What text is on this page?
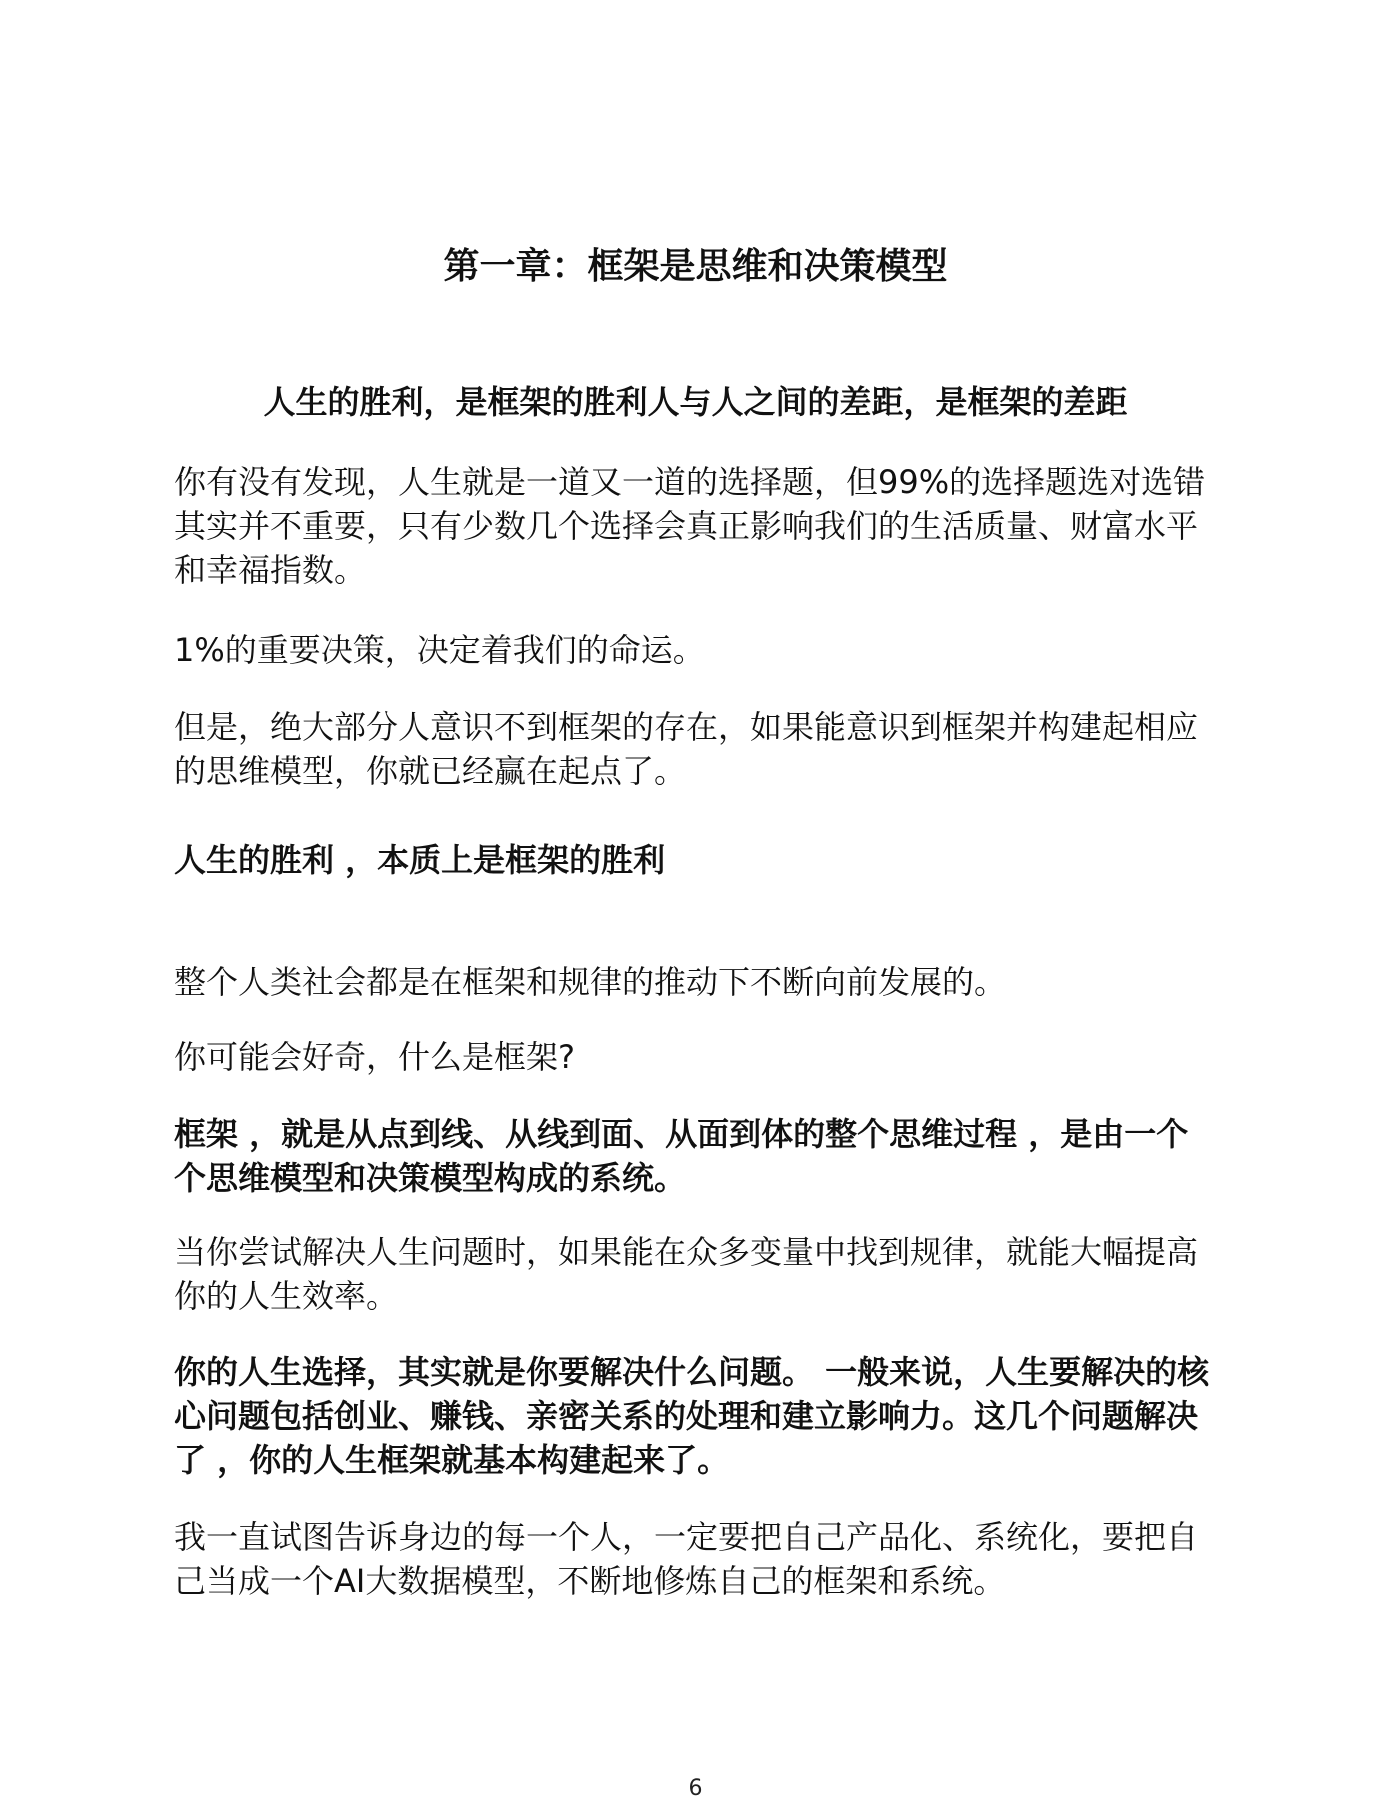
第一章：框架是思维和决策模型
人生的胜利，是框架的胜利人与人之间的差距，是框架的差距

你有没有发现，人生就是一道又一道的选择题，但99%的选择题选对选错其实并不重要，只有少数几个选择会真正影响我们的生活质量、财富水平和幸福指数。

1%的重要决策，决定着我们的命运。

但是，绝大部分人意识不到框架的存在，如果能意识到框架并构建起相应的思维模型，你就已经赢在起点了。

人生的胜利 ，本质上是框架的胜利

整个人类社会都是在框架和规律的推动下不断向前发展的。

你可能会好奇，什么是框架?

框架 ，就是从点到线、从线到面、从面到体的整个思维过程 ，是由一个个思维模型和决策模型构成的系统。

当你尝试解决人生问题时，如果能在众多变量中找到规律，就能大幅提高你的人生效率。

你的人生选择，其实就是你要解决什么问题。 一般来说，人生要解决的核心问题包括创业、赚钱、亲密关系的处理和建立影响力。这几个问题解决了 ，你的人生框架就基本构建起来了。

我一直试图告诉身边的每一个人，一定要把自己产品化、系统化，要把自己当成一个AI大数据模型，不断地修炼自己的框架和系统。

6
